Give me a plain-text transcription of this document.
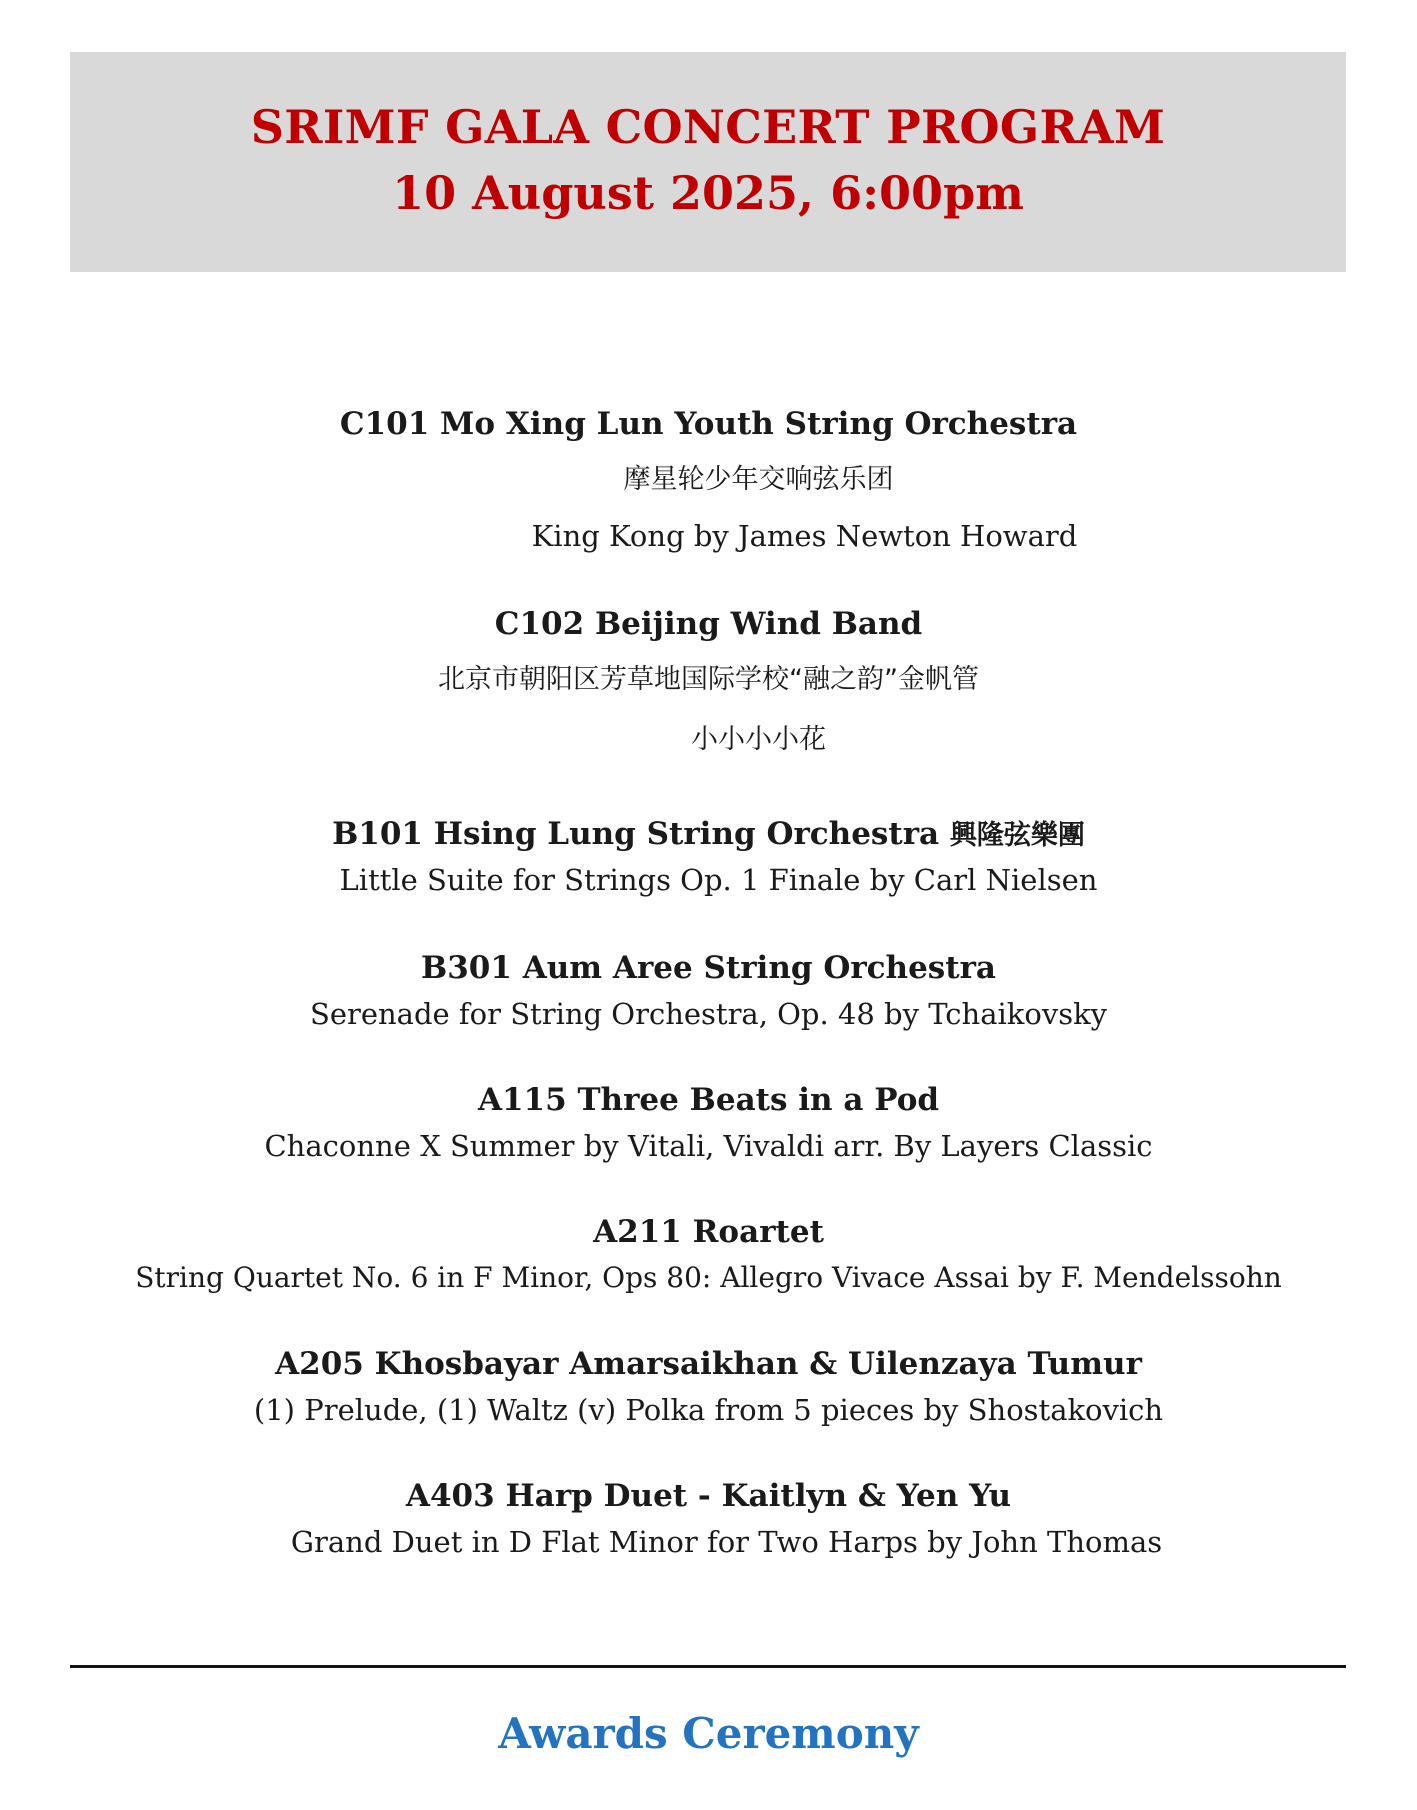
SRIMF GALA CONCERT PROGRAM
10 August 2025, 6:00pm
C101 Mo Xing Lun Youth String Orchestra
摩星轮少年交响弦乐团
King Kong by James Newton Howard
C102 Beijing Wind Band
北京市朝阳区芳草地国际学校“融之韵”金帆管
小小小小花
B101 Hsing Lung String Orchestra 興隆弦樂團
Little Suite for Strings Op. 1 Finale by Carl Nielsen
B301 Aum Aree String Orchestra
Serenade for String Orchestra, Op. 48 by Tchaikovsky
A115 Three Beats in a Pod
Chaconne X Summer by Vitali, Vivaldi arr. By Layers Classic
A211 Roartet
String Quartet No. 6 in F Minor, Ops 80: Allegro Vivace Assai by F. Mendelssohn
A205 Khosbayar Amarsaikhan & Uilenzaya Tumur
(1) Prelude, (1) Waltz (v) Polka from 5 pieces by Shostakovich
A403 Harp Duet - Kaitlyn & Yen Yu
Grand Duet in D Flat Minor for Two Harps by John Thomas
Awards Ceremony
